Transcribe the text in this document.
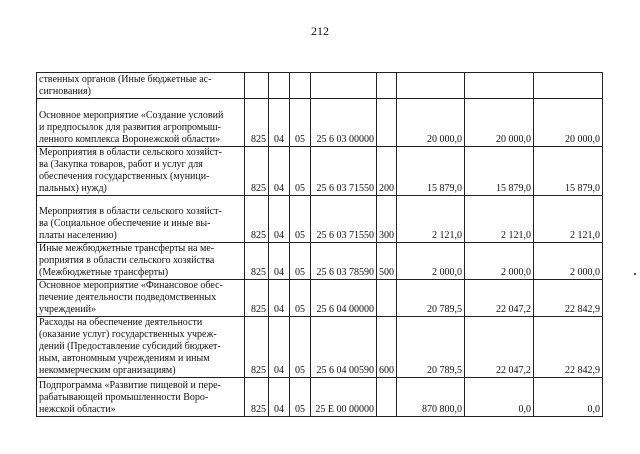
212
ственных органов (Иные бюджетные ас-
сигнования)								
Основное мероприятие «Создание условий
и предпосылок для развития агропромыш-
ленного комплекса Воронежской области»	825	04	05	25 6 03 00000		20 000,0	20 000,0	20 000,0
Мероприятия в области сельского хозяйст-
ва (Закупка товаров, работ и услуг для
обеспечения государственных (муници-
пальных) нужд)	825	04	05	25 6 03 71550	200	15 879,0	15 879,0	15 879,0
Мероприятия в области сельского хозяйст-
ва (Социальное обеспечение и иные вы-
платы населению)	825	04	05	25 6 03 71550	300	2 121,0	2 121,0	2 121,0
Иные межбюджетные трансферты на ме-
роприятия в области сельского хозяйства
(Межбюджетные трансферты)	825	04	05	25 6 03 78590	500	2 000,0	2 000,0	2 000,0
Основное мероприятие «Финансовое обес-
печение деятельности подведомственных
учреждений»	825	04	05	25 6 04 00000		20 789,5	22 047,2	22 842,9
Расходы на обеспечение деятельности
(оказание услуг) государственных учреж-
дений (Предоставление субсидий бюджет-
ным, автономным учреждениям и иным
некоммерческим организациям)	825	04	05	25 6 04 00590	600	20 789,5	22 047,2	22 842,9
Подпрограмма «Развитие пищевой и пере-
рабатывающей промышленности Воро-
нежской области»	825	04	05	25 Е 00 00000		870 800,0	0,0	0,0
